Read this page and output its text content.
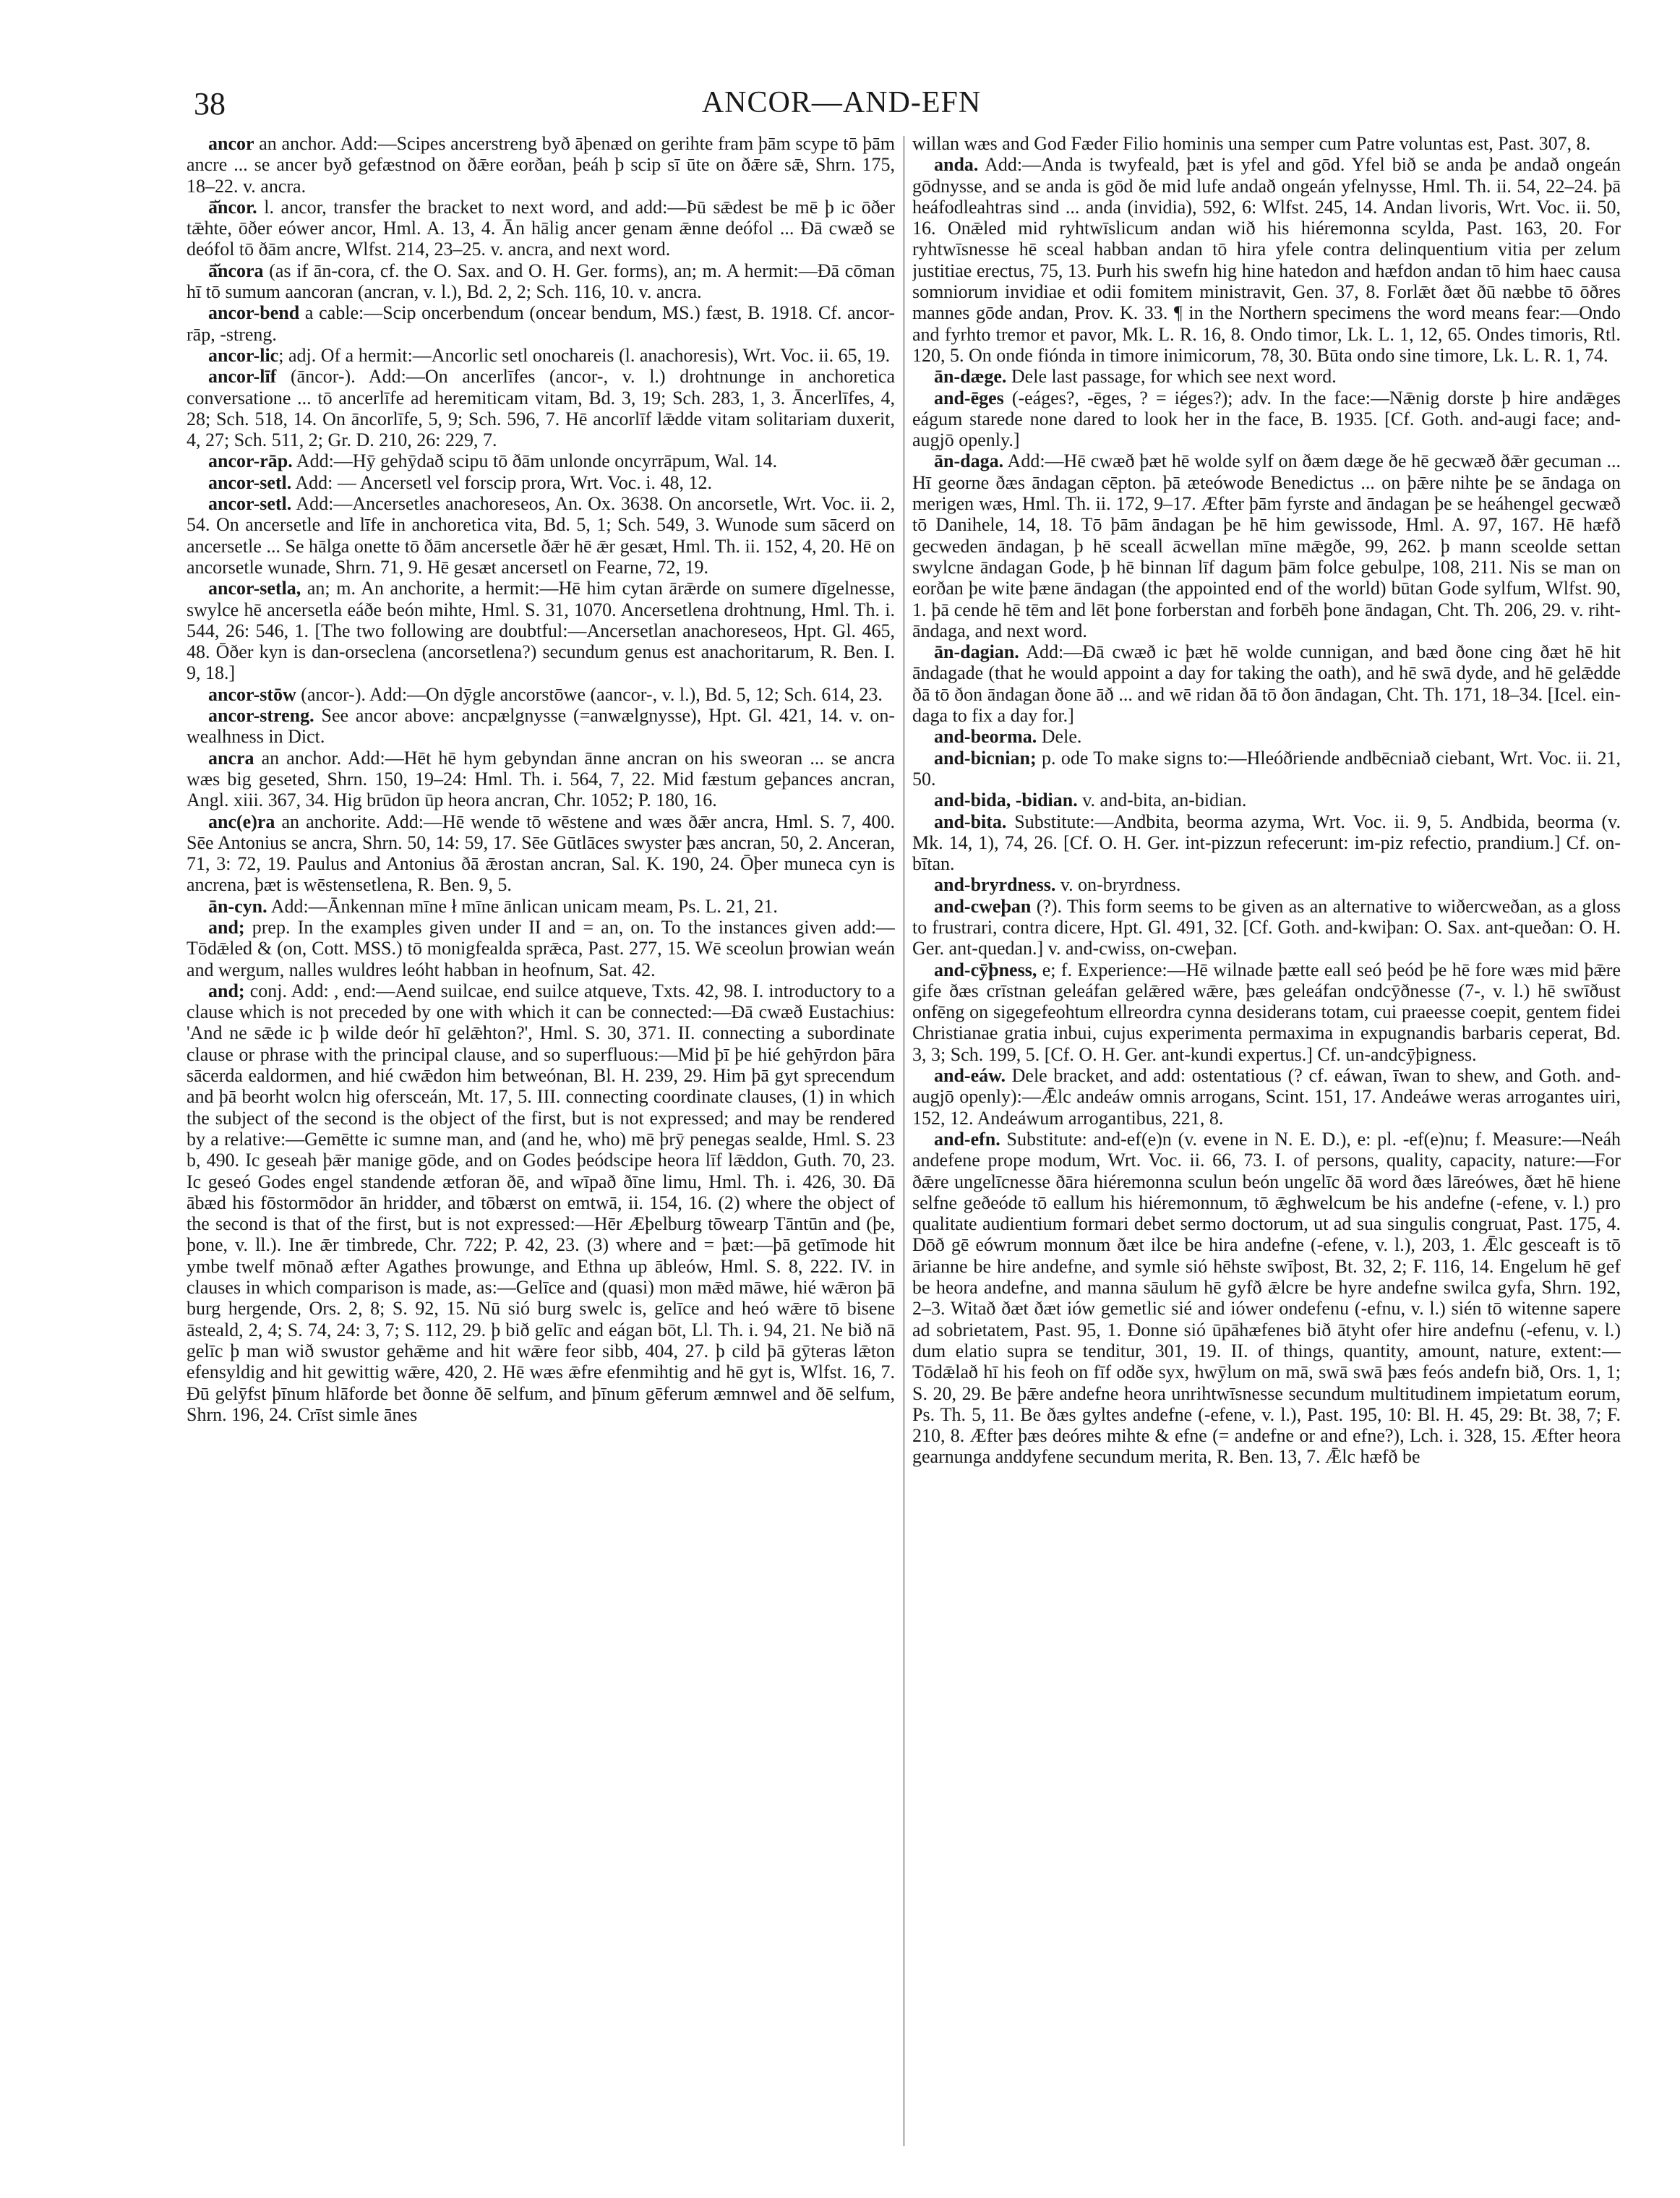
38	ANCOR—AND-EFN

ancor an anchor. Add:—Scipes ancerstreng byð āþenæd on gerihte fram þām scype tō þām ancre ... se ancer byð gefæstnod on ðǣre eorðan, þeáh þ scip sī ūte on ðǣre sǣ, Shrn. 175, 18–22. v. ancra.

ā̆ncor. l. ancor, transfer the bracket to next word, and add:—Þū sǣdest be mē þ ic ōðer tǣhte, ōðer eówer ancor, Hml. A. 13, 4. Ān hālig ancer genam ǣnne deófol ... Ðā cwæð se deófol tō ðām ancre, Wlfst. 214, 23–25. v. ancra, and next word.

ā̆ncora (as if ān-cora, cf. the O. Sax. and O. H. Ger. forms), an; m. A hermit:—Ðā cōman hī tō sumum aancoran (ancran, v. l.), Bd. 2, 2; Sch. 116, 10. v. ancra.

ancor-bend a cable:—Scip oncerbendum (oncear bendum, MS.) fæst, B. 1918. Cf. ancor-rāp, -streng.

ancor-lic; adj. Of a hermit:—Ancorlic setl onochareis (l. anachoresis), Wrt. Voc. ii. 65, 19.

ancor-līf (āncor-). Add:—On ancerlīfes (ancor-, v. l.) drohtnunge in anchoretica conversatione ... tō ancerlīfe ad heremiticam vitam, Bd. 3, 19; Sch. 283, 1, 3. Āncerlīfes, 4, 28; Sch. 518, 14. On āncorlīfe, 5, 9; Sch. 596, 7. Hē ancorlīf lǣdde vitam solitariam duxerit, 4, 27; Sch. 511, 2; Gr. D. 210, 26: 229, 7.

ancor-rāp. Add:—Hȳ gehȳdað scipu tō ðām unlonde oncyrrāpum, Wal. 14.

ancor-setl. Add: — Ancersetl vel forscip prora, Wrt. Voc. i. 48, 12.

ancor-setl. Add:—Ancersetles anachoreseos, An. Ox. 3638. On ancorsetle, Wrt. Voc. ii. 2, 54. On ancersetle and līfe in anchoretica vita, Bd. 5, 1; Sch. 549, 3. Wunode sum sācerd on ancersetle ... Se hālga onette tō ðām ancersetle ðǣr hē ǣr gesæt, Hml. Th. ii. 152, 4, 20. Hē on ancorsetle wunade, Shrn. 71, 9. Hē gesæt ancersetl on Fearne, 72, 19.

ancor-setla, an; m. An anchorite, a hermit:—Hē him cytan ārǣrde on sumere dīgelnesse, swylce hē ancersetla eáðe beón mihte, Hml. S. 31, 1070. Ancersetlena drohtnung, Hml. Th. i. 544, 26: 546, 1. [The two following are doubtful:—Ancersetlan anachoreseos, Hpt. Gl. 465, 48. Ōðer kyn is dan-orseclena (ancorsetlena?) secundum genus est anachoritarum, R. Ben. I. 9, 18.]

ancor-stōw (ancor-). Add:—On dȳgle ancorstōwe (aancor-, v. l.), Bd. 5, 12; Sch. 614, 23.

ancor-streng. See ancor above: ancpælgnysse (=anwælgnysse), Hpt. Gl. 421, 14. v. on-wealhness in Dict.

ancra an anchor. Add:—Hēt hē hym gebyndan ānne ancran on his sweoran ... se ancra wæs big geseted, Shrn. 150, 19–24: Hml. Th. i. 564, 7, 22. Mid fæstum geþances ancran, Angl. xiii. 367, 34. Hig brūdon ūp heora ancran, Chr. 1052; P. 180, 16.

anc(e)ra an anchorite. Add:—Hē wende tō wēstene and wæs ðǣr ancra, Hml. S. 7, 400. Sēe Antonius se ancra, Shrn. 50, 14: 59, 17. Sēe Gūtlāces swyster þæs ancran, 50, 2. Anceran, 71, 3: 72, 19. Paulus and Antonius ðā ǣrostan ancran, Sal. K. 190, 24. Ōþer muneca cyn is ancrena, þæt is wēstensetlena, R. Ben. 9, 5.

ān-cyn. Add:—Ānkennan mīne ł mīne ānlican unicam meam, Ps. L. 21, 21.

and; prep. In the examples given under II and = an, on. To the instances given add:—Tōdǣled & (on, Cott. MSS.) tō monigfealda sprǣca, Past. 277, 15. Wē sceolun þrowian weán and wergum, nalles wuldres leóht habban in heofnum, Sat. 42.

and; conj. Add: , end:—Aend suilcae, end suilce atqueve, Txts. 42, 98. I. introductory to a clause which is not preceded by one with which it can be connected:—Ðā cwæð Eustachius: 'And ne sǣde ic þ wilde deór hī gelǣhton?', Hml. S. 30, 371. II. connecting a subordinate clause or phrase with the principal clause, and so superfluous:—Mid þī þe hié gehȳrdon þāra sācerda ealdormen, and hié cwǣdon him betweónan, Bl. H. 239, 29. Him þā gyt sprecendum and þā beorht wolcn hig ofersceán, Mt. 17, 5. III. connecting coordinate clauses, (1) in which the subject of the second is the object of the first, but is not expressed; and may be rendered by a relative:—Gemētte ic sumne man, and (and he, who) mē þrȳ penegas sealde, Hml. S. 23 b, 490. Ic geseah þǣr manige gōde, and on Godes þeódscipe heora līf lǣddon, Guth. 70, 23. Ic geseó Godes engel standende ætforan ðē, and wīpað ðīne limu, Hml. Th. i. 426, 30. Ðā ābæd his fōstormōdor ān hridder, and tōbærst on emtwā, ii. 154, 16. (2) where the object of the second is that of the first, but is not expressed:—Hēr Æþelburg tōwearp Tāntūn and (þe, þone, v. ll.). Ine ǣr timbrede, Chr. 722; P. 42, 23. (3) where and = þæt:—þā getīmode hit ymbe twelf mōnað æfter Agathes þrowunge, and Ethna up ābleów, Hml. S. 8, 222. IV. in clauses in which comparison is made, as:—Gelīce and (quasi) mon mǣd māwe, hié wǣron þā burg hergende, Ors. 2, 8; S. 92, 15. Nū sió burg swelc is, gelīce and heó wǣre tō bisene āsteald, 2, 4; S. 74, 24: 3, 7; S. 112, 29. þ bið gelīc and eágan bōt, Ll. Th. i. 94, 21. Ne bið nā gelīc þ man wið swustor gehǣme and hit wǣre feor sibb, 404, 27. þ cild þā gȳteras lǣton efensyldig and hit gewittig wǣre, 420, 2. Hē wæs ǣfre efenmihtig and hē gyt is, Wlfst. 16, 7. Ðū gelȳfst þīnum hlāforde bet ðonne ðē selfum, and þīnum gēferum æmnwel and ðē selfum, Shrn. 196, 24. Crīst simle ānes

willan wæs and God Fæder Filio hominis una semper cum Patre voluntas est, Past. 307, 8.

anda. Add:—Anda is twyfeald, þæt is yfel and gōd. Yfel bið se anda þe andað ongeán gōdnysse, and se anda is gōd ðe mid lufe andað ongeán yfelnysse, Hml. Th. ii. 54, 22–24. þā heáfodleahtras sind ... anda (invidia), 592, 6: Wlfst. 245, 14. Andan livoris, Wrt. Voc. ii. 50, 16. Onǣled mid ryhtwīslicum andan wið his hiéremonna scylda, Past. 163, 20. For ryhtwīsnesse hē sceal habban andan tō hira yfele contra delinquentium vitia per zelum justitiae erectus, 75, 13. Þurh his swefn hig hine hatedon and hæfdon andan tō him haec causa somniorum invidiae et odii fomitem ministravit, Gen. 37, 8. Forlǣt ðæt ðū næbbe tō ōðres mannes gōde andan, Prov. K. 33. ¶ in the Northern specimens the word means fear:—Ondo and fyrhto tremor et pavor, Mk. L. R. 16, 8. Ondo timor, Lk. L. 1, 12, 65. Ondes timoris, Rtl. 120, 5. On onde fiónda in timore inimicorum, 78, 30. Būta ondo sine timore, Lk. L. R. 1, 74.

ān-dæge. Dele last passage, for which see next word.

and-ēges (-eáges?, -ēges, ? = iéges?); adv. In the face:—Nǣnig dorste þ hire andǣges eágum starede none dared to look her in the face, B. 1935. [Cf. Goth. and-augi face; and-augjō openly.]

ān-daga. Add:—Hē cwæð þæt hē wolde sylf on ðæm dæge ðe hē gecwæð ðǣr gecuman ... Hī georne ðæs āndagan cēpton. þā ætеówode Benedictus ... on þǣre nihte þe se āndaga on merigen wæs, Hml. Th. ii. 172, 9–17. Æfter þām fyrste and āndagan þe se heáhengel gecwæð tō Danihele, 14, 18. Tō þām āndagan þe hē him gewissode, Hml. A. 97, 167. Hē hæfð gecweden āndagan, þ hē sceall ācwellan mīne mǣgðe, 99, 262. þ mann sceolde settan swylcne āndagan Gode, þ hē binnan līf dagum þām folce gebulpe, 108, 211. Nis se man on eorðan þe wite þæne āndagan (the appointed end of the world) būtan Gode sylfum, Wlfst. 90, 1. þā cende hē tēm and lēt þone forberstan and forbēh þone āndagan, Cht. Th. 206, 29. v. riht-āndaga, and next word.

ān-dagian. Add:—Ðā cwæð ic þæt hē wolde cunnigan, and bæd ðone cing ðæt hē hit āndagade (that he would appoint a day for taking the oath), and hē swā dyde, and hē gelǣdde ðā tō ðon āndagan ðone āð ... and wē ridan ðā tō ðon āndagan, Cht. Th. 171, 18–34. [Icel. ein-daga to fix a day for.]

and-beorma. Dele.

and-bicnian; p. ode To make signs to:—Hleóðriende andbēcniað ciebant, Wrt. Voc. ii. 21, 50.

and-bida, -bidian. v. and-bita, an-bidian.

and-bita. Substitute:—Andbita, beorma azyma, Wrt. Voc. ii. 9, 5. Andbida, beorma (v. Mk. 14, 1), 74, 26. [Cf. O. H. Ger. int-pizzun refecerunt: im-piz refectio, prandium.] Cf. on-bītan.

and-bryrdness. v. on-bryrdness.

and-cweþan (?). This form seems to be given as an alternative to wiðercweðan, as a gloss to frustrari, contra dicere, Hpt. Gl. 491, 32. [Cf. Goth. and-kwiþan: O. Sax. ant-queðan: O. H. Ger. ant-quedan.] v. and-cwiss, on-cweþan.

and-cȳþness, e; f. Experience:—Hē wilnade þætte eall seó þeód þe hē fore wæs mid þǣre gife ðæs crīstnan geleáfan gelǣred wǣre, þæs geleáfan ondcȳðnesse (7-, v. l.) hē swīðust onfēng on sigegefeohtum ellreordra cynna desiderans totam, cui praeesse coepit, gentem fidei Christianae gratia inbui, cujus experimenta permaxima in expugnandis barbaris ceperat, Bd. 3, 3; Sch. 199, 5. [Cf. O. H. Ger. ant-kundi expertus.] Cf. un-andcȳþigness.

and-eáw. Dele bracket, and add: ostentatious (? cf. eáwan, īwan to shew, and Goth. and-augjō openly):—Ǣlc andeáw omnis arrogans, Scint. 151, 17. Andeáwe weras arrogantes uiri, 152, 12. Andeáwum arrogantibus, 221, 8.

and-efn. Substitute: and-ef(e)n (v. evene in N. E. D.), e: pl. -ef(e)nu; f. Measure:—Neáh andefene prope modum, Wrt. Voc. ii. 66, 73. I. of persons, quality, capacity, nature:—For ðǣre ungelīcnesse ðāra hiéremonna sculun beón ungelīc ðā word ðæs lāreówes, ðæt hē hiene selfne geðeóde tō eallum his hiéremonnum, tō ǣghwelcum be his andefne (-efene, v. l.) pro qualitate audientium formari debet sermo doctorum, ut ad sua singulis congruat, Past. 175, 4. Dōð gē eówrum monnum ðæt ilce be hira andefne (-efene, v. l.), 203, 1. Ǣlc gesceaft is tō ārianne be hire andefne, and symle sió hēhste swīþost, Bt. 32, 2; F. 116, 14. Engelum hē gef be heora andefne, and manna sāulum hē gyfð ǣlcre be hyre andefne swilca gyfa, Shrn. 192, 2–3. Witað ðæt ðæt iów gemetlic sié and iówer ondefenu (-efnu, v. l.) sién tō witenne sapere ad sobrietatem, Past. 95, 1. Ðonne sió ūpāhæfenes bið ātyht ofer hire andefnu (-efenu, v. l.) dum elatio supra se tenditur, 301, 19. II. of things, quantity, amount, nature, extent:—Tōdǣlað hī his feoh on fīf odðe syx, hwȳlum on mā, swā swā þæs feós andefn bið, Ors. 1, 1; S. 20, 29. Be þǣre andefne heora unrihtwīsnesse secundum multitudinem impietatum eorum, Ps. Th. 5, 11. Be ðæs gyltes andefne (-efene, v. l.), Past. 195, 10: Bl. H. 45, 29: Bt. 38, 7; F. 210, 8. Æfter þæs deóres mihte & efne (= andefne or and efne?), Lch. i. 328, 15. Æfter heora gearnunga anddyfene secundum merita, R. Ben. 13, 7. Ǣlc hæfð be
